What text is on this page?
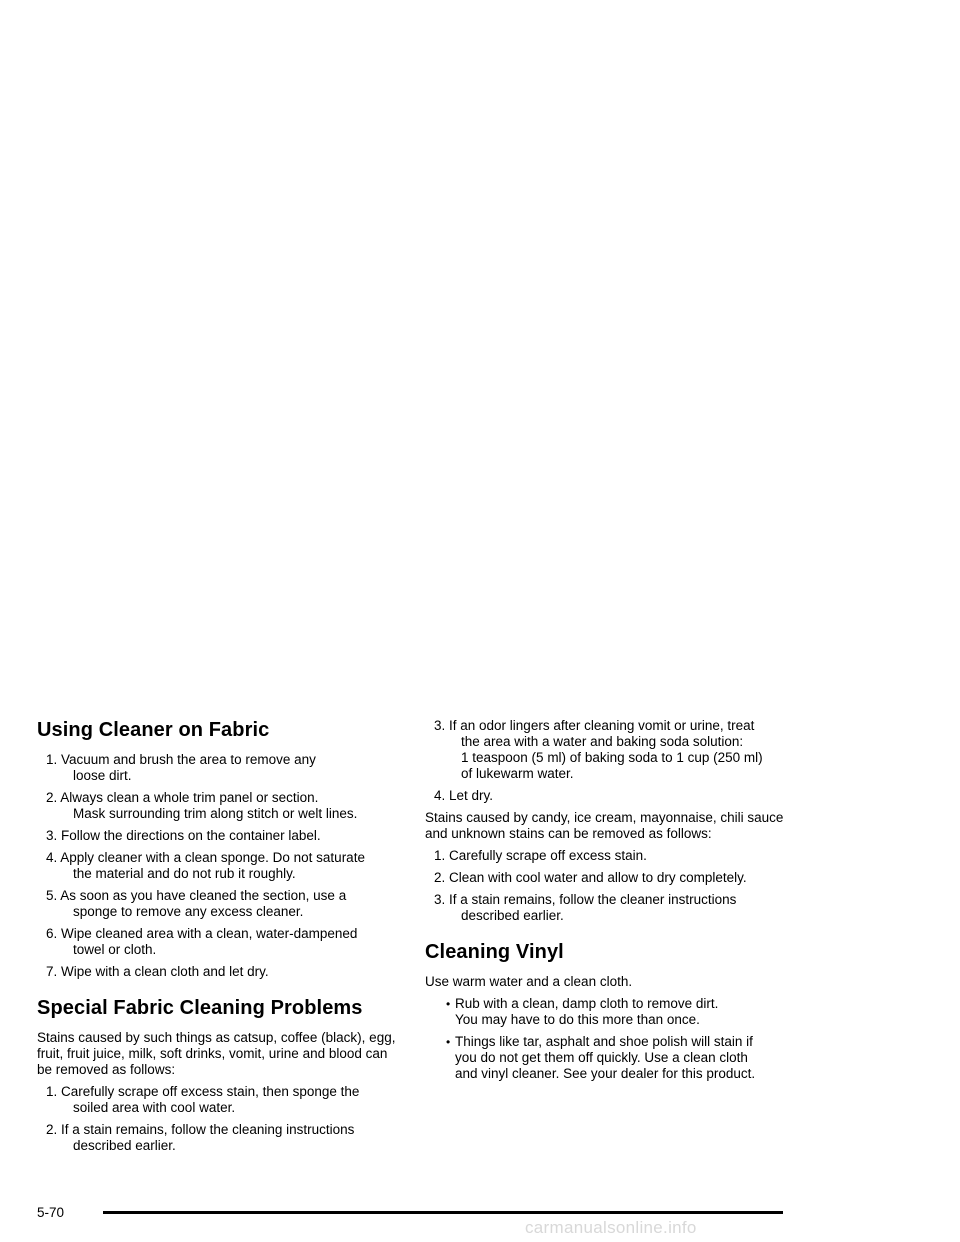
Using Cleaner on Fabric
1. Vacuum and brush the area to remove any
loose dirt.
2. Always clean a whole trim panel or section.
Mask surrounding trim along stitch or welt lines.
3. Follow the directions on the container label.
4. Apply cleaner with a clean sponge. Do not saturate
the material and do not rub it roughly.
5. As soon as you have cleaned the section, use a
sponge to remove any excess cleaner.
6. Wipe cleaned area with a clean, water-dampened
towel or cloth.
7. Wipe with a clean cloth and let dry.
Special Fabric Cleaning Problems

Stains caused by such things as catsup, coffee (black), egg, fruit, fruit juice, milk, soft drinks, vomit, urine and blood can be removed as follows:

1. Carefully scrape off excess stain, then sponge the
soiled area with cool water.
2. If a stain remains, follow the cleaning instructions
described earlier.
3. If an odor lingers after cleaning vomit or urine, treat
the area with a water and baking soda solution:
1 teaspoon (5 ml) of baking soda to 1 cup (250 ml)
of lukewarm water.
4. Let dry.

Stains caused by candy, ice cream, mayonnaise, chili sauce and unknown stains can be removed as follows:

1. Carefully scrape off excess stain.
2. Clean with cool water and allow to dry completely.
3. If a stain remains, follow the cleaner instructions
described earlier.
Cleaning Vinyl

Use warm water and a clean cloth.

• Rub with a clean, damp cloth to remove dirt.
You may have to do this more than once.
• Things like tar, asphalt and shoe polish will stain if
you do not get them off quickly. Use a clean cloth
and vinyl cleaner. See your dealer for this product.
5-70
carmanualsonline.info
